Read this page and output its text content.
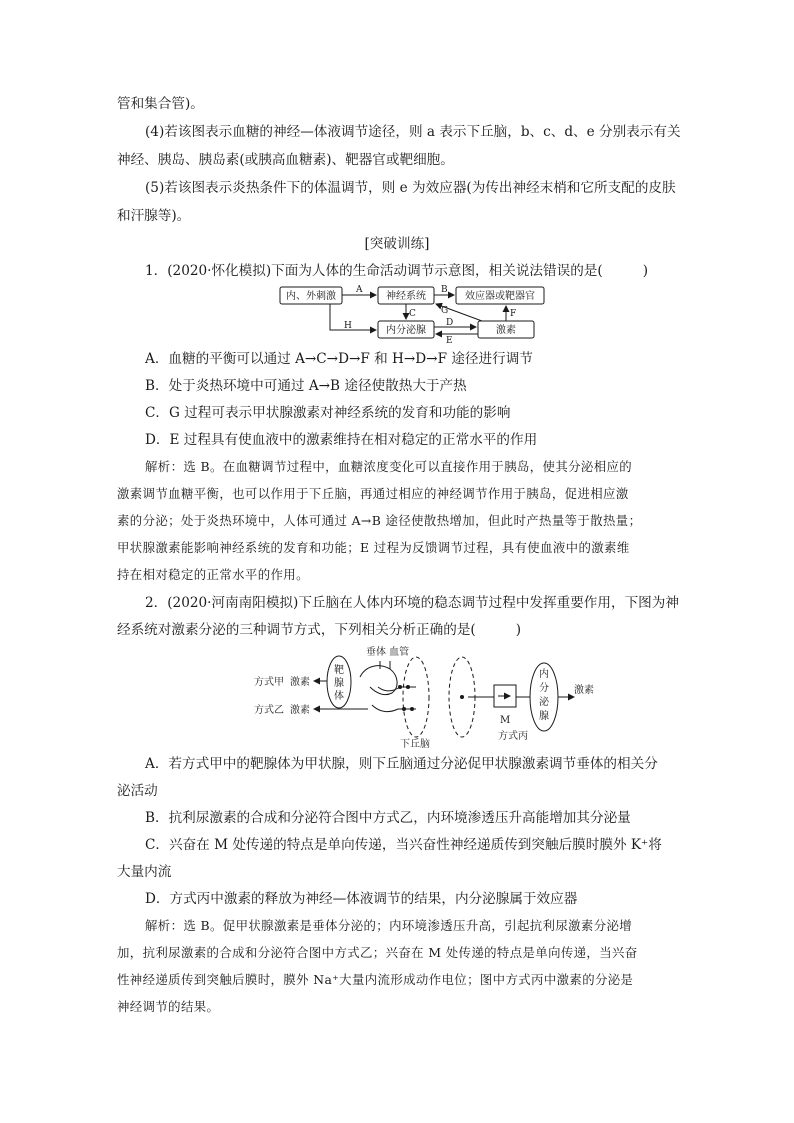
管和集合管)。
(4)若该图表示血糖的神经—体液调节途径，则 a 表示下丘脑，b、c、d、e 分别表示有关
神经、胰岛、胰岛素(或胰高血糖素)、靶器官或靶细胞。
(5)若该图表示炎热条件下的体温调节，则 e 为效应器(为传出神经末梢和它所支配的皮肤
和汗腺等)。
[突破训练]
1．(2020·怀化模拟)下面为人体的生命活动调节示意图，相关说法错误的是(	)
内、外刺激	神经系统	效应器或靶器官
内分泌腺	激素
A	B
C
D
E
F
G
H
A．血糖的平衡可以通过 A→C→D→F 和 H→D→F 途径进行调节
B．处于炎热环境中可通过 A→B 途径使散热大于产热
C．G 过程可表示甲状腺激素对神经系统的发育和功能的影响
D．E 过程具有使血液中的激素维持在相对稳定的正常水平的作用
解析：选 B。在血糖调节过程中，血糖浓度变化可以直接作用于胰岛，使其分泌相应的
激素调节血糖平衡，也可以作用于下丘脑，再通过相应的神经调节作用于胰岛，促进相应激
素的分泌；处于炎热环境中，人体可通过 A→B 途径使散热增加，但此时产热量等于散热量；
甲状腺激素能影响神经系统的发育和功能；E 过程为反馈调节过程，具有使血液中的激素维
持在相对稳定的正常水平的作用。
2．(2020·河南南阳模拟)下丘脑在人体内环境的稳态调节过程中发挥重要作用，下图为神
经系统对激素分泌的三种调节方式，下列相关分析正确的是(	)
方式甲 激素
方式乙 激素
靶
腺
体
垂体 血管
下丘脑
M
方式丙
内
分
泌
腺
激素
A．若方式甲中的靶腺体为甲状腺，则下丘脑通过分泌促甲状腺激素调节垂体的相关分
泌活动
B．抗利尿激素的合成和分泌符合图中方式乙，内环境渗透压升高能增加其分泌量
C．兴奋在 M 处传递的特点是单向传递，当兴奋性神经递质传到突触后膜时膜外 K⁺将
大量内流
D．方式丙中激素的释放为神经—体液调节的结果，内分泌腺属于效应器
解析：选 B。促甲状腺激素是垂体分泌的；内环境渗透压升高，引起抗利尿激素分泌增
加，抗利尿激素的合成和分泌符合图中方式乙；兴奋在 M 处传递的特点是单向传递，当兴奋
性神经递质传到突触后膜时，膜外 Na⁺大量内流形成动作电位；图中方式丙中激素的分泌是
神经调节的结果。
